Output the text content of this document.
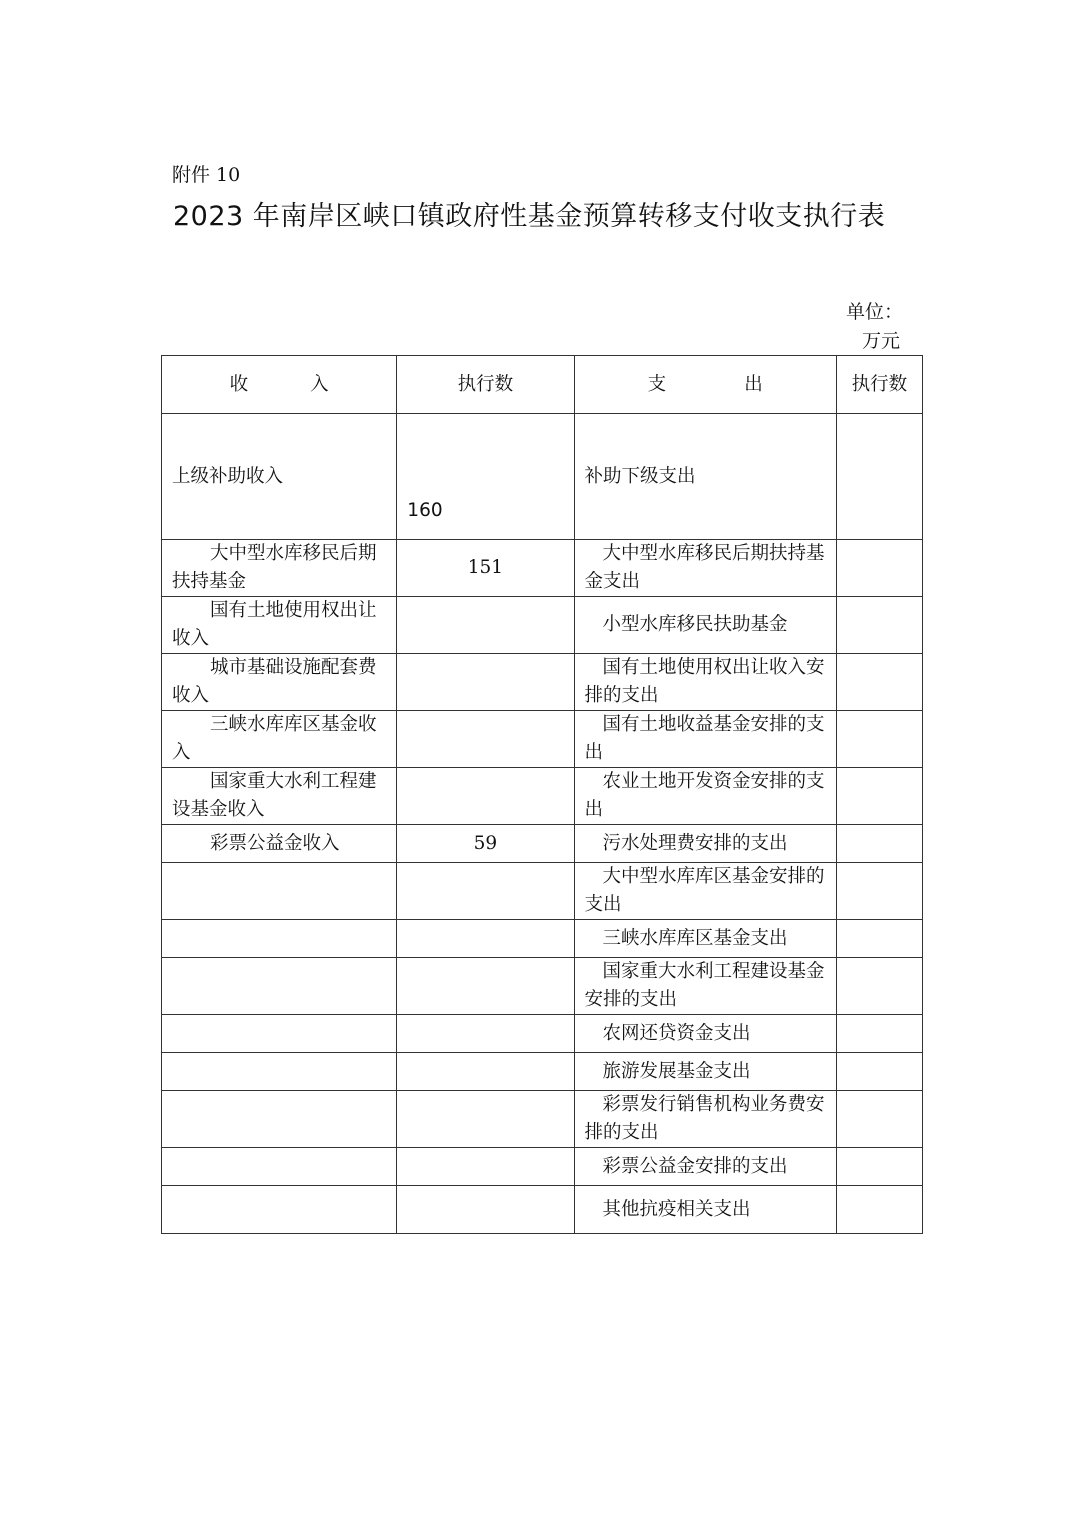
附件 10

2023 年南岸区峡口镇政府性基金预算转移支付收支执行表
单位：
万元
收 入	执行数	支 出	执行数
上级补助收入	160	补助下级支出	
大中型水库移民后期扶持基金	151	大中型水库移民后期扶持基金支出	
国有土地使用权出让收入		小型水库移民扶助基金	
城市基础设施配套费收入		国有土地使用权出让收入安排的支出	
三峡水库库区基金收入		国有土地收益基金安排的支出	
国家重大水利工程建设基金收入		农业土地开发资金安排的支出	
彩票公益金收入	59	污水处理费安排的支出	
		大中型水库库区基金安排的支出	
		三峡水库库区基金支出	
		国家重大水利工程建设基金安排的支出	
		农网还贷资金支出	
		旅游发展基金支出	
		彩票发行销售机构业务费安排的支出	
		彩票公益金安排的支出	
		其他抗疫相关支出	
